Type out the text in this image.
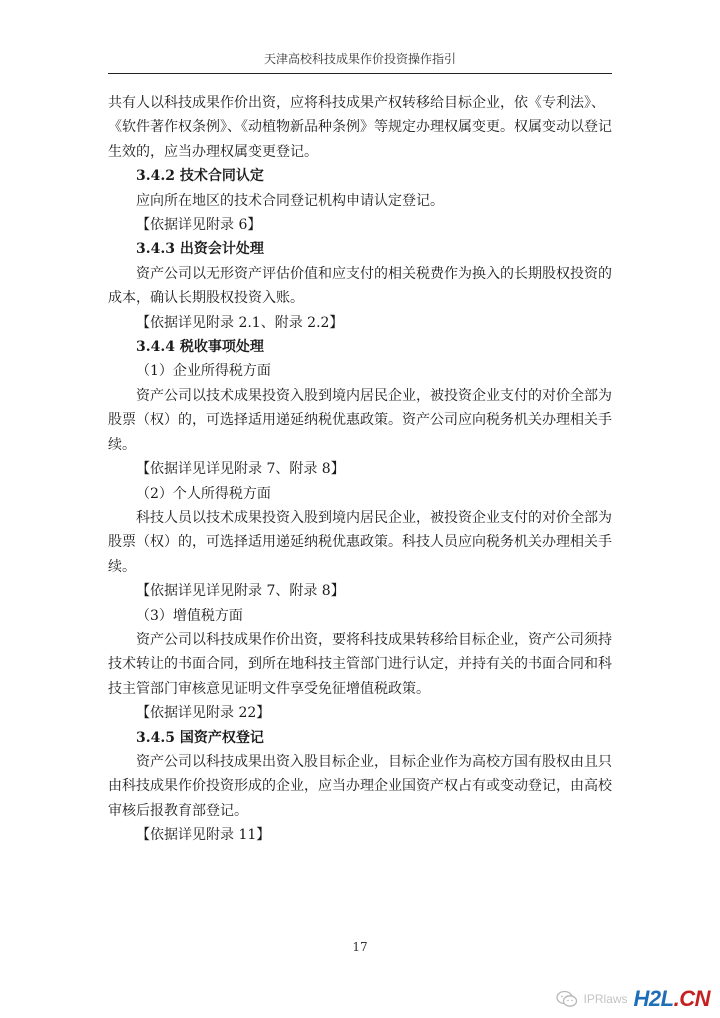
天津高校科技成果作价投资操作指引

共有人以科技成果作价出资，应将科技成果产权转移给目标企业，依《专利法》、《软件著作权条例》、《动植物新品种条例》等规定办理权属变更。权属变动以登记生效的，应当办理权属变更登记。

3.4.2 技术合同认定

应向所在地区的技术合同登记机构申请认定登记。

【依据详见附录 6】

3.4.3 出资会计处理

资产公司以无形资产评估价值和应支付的相关税费作为换入的长期股权投资的成本，确认长期股权投资入账。

【依据详见附录 2.1、附录 2.2】

3.4.4 税收事项处理

（1）企业所得税方面

资产公司以技术成果投资入股到境内居民企业，被投资企业支付的对价全部为股票（权）的，可选择适用递延纳税优惠政策。资产公司应向税务机关办理相关手续。

【依据详见详见附录 7、附录 8】

（2）个人所得税方面

科技人员以技术成果投资入股到境内居民企业，被投资企业支付的对价全部为股票（权）的，可选择适用递延纳税优惠政策。科技人员应向税务机关办理相关手续。

【依据详见详见附录 7、附录 8】

（3）增值税方面

资产公司以科技成果作价出资，要将科技成果转移给目标企业，资产公司须持技术转让的书面合同，到所在地科技主管部门进行认定，并持有关的书面合同和科技主管部门审核意见证明文件享受免征增值税政策。

【依据详见附录 22】

3.4.5 国资产权登记

资产公司以科技成果出资入股目标企业，目标企业作为高校方国有股权由且只由科技成果作价投资形成的企业，应当办理企业国资产权占有或变动登记，由高校审核后报教育部登记。

【依据详见附录 11】

17
IPRlaws H2L.CN
